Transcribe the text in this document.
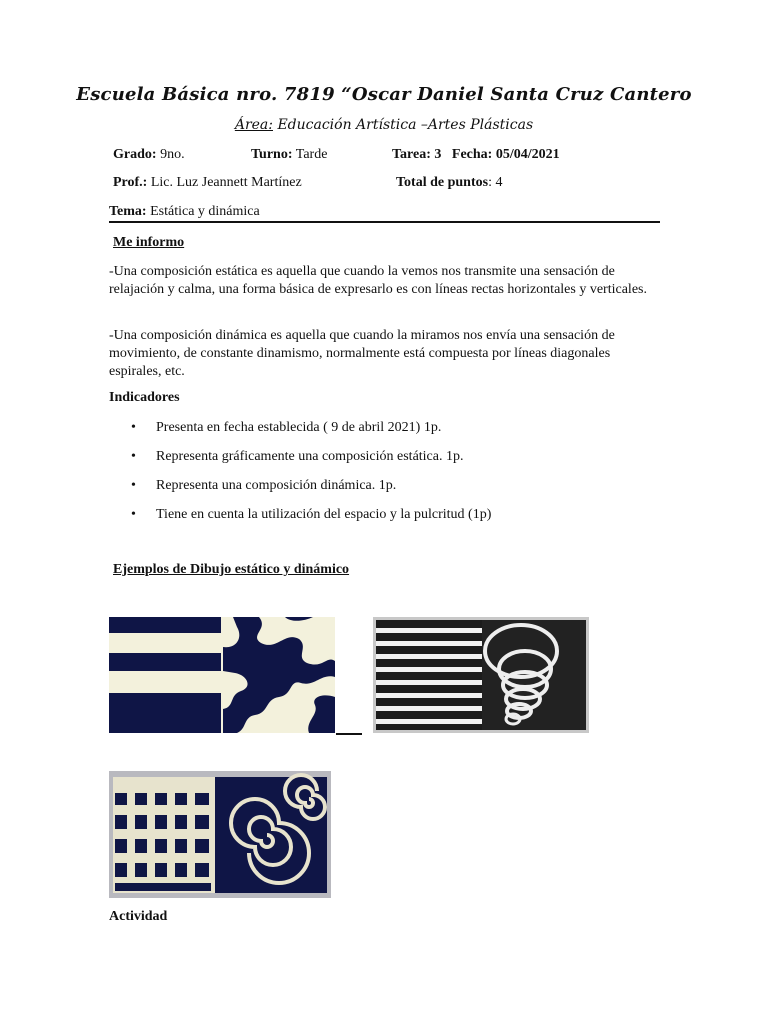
Escuela Básica nro. 7819 “Oscar Daniel Santa Cruz Cantero
Área: Educación Artística –Artes Plásticas
Grado: 9no.	Turno: Tarde	Tarea: 3   Fecha: 05/04/2021
Prof.: Lic. Luz Jeannett Martínez	Total de puntos: 4
Tema: Estática y dinámica
Me informo
-Una composición estática es aquella que cuando la vemos nos transmite una sensación de relajación y calma, una forma básica de expresarlo es con líneas rectas horizontales y verticales.
-Una composición dinámica es aquella que cuando la miramos nos envía una sensación de movimiento, de constante dinamismo, normalmente está compuesta por líneas diagonales espirales, etc.
Indicadores
• Presenta en fecha establecida ( 9 de abril 2021) 1p.
• Representa gráficamente una composición estática. 1p.
• Representa una composición dinámica. 1p.
• Tiene en cuenta la utilización del espacio y la pulcritud (1p)
Ejemplos de Dibujo estático y dinámico
Actividad
